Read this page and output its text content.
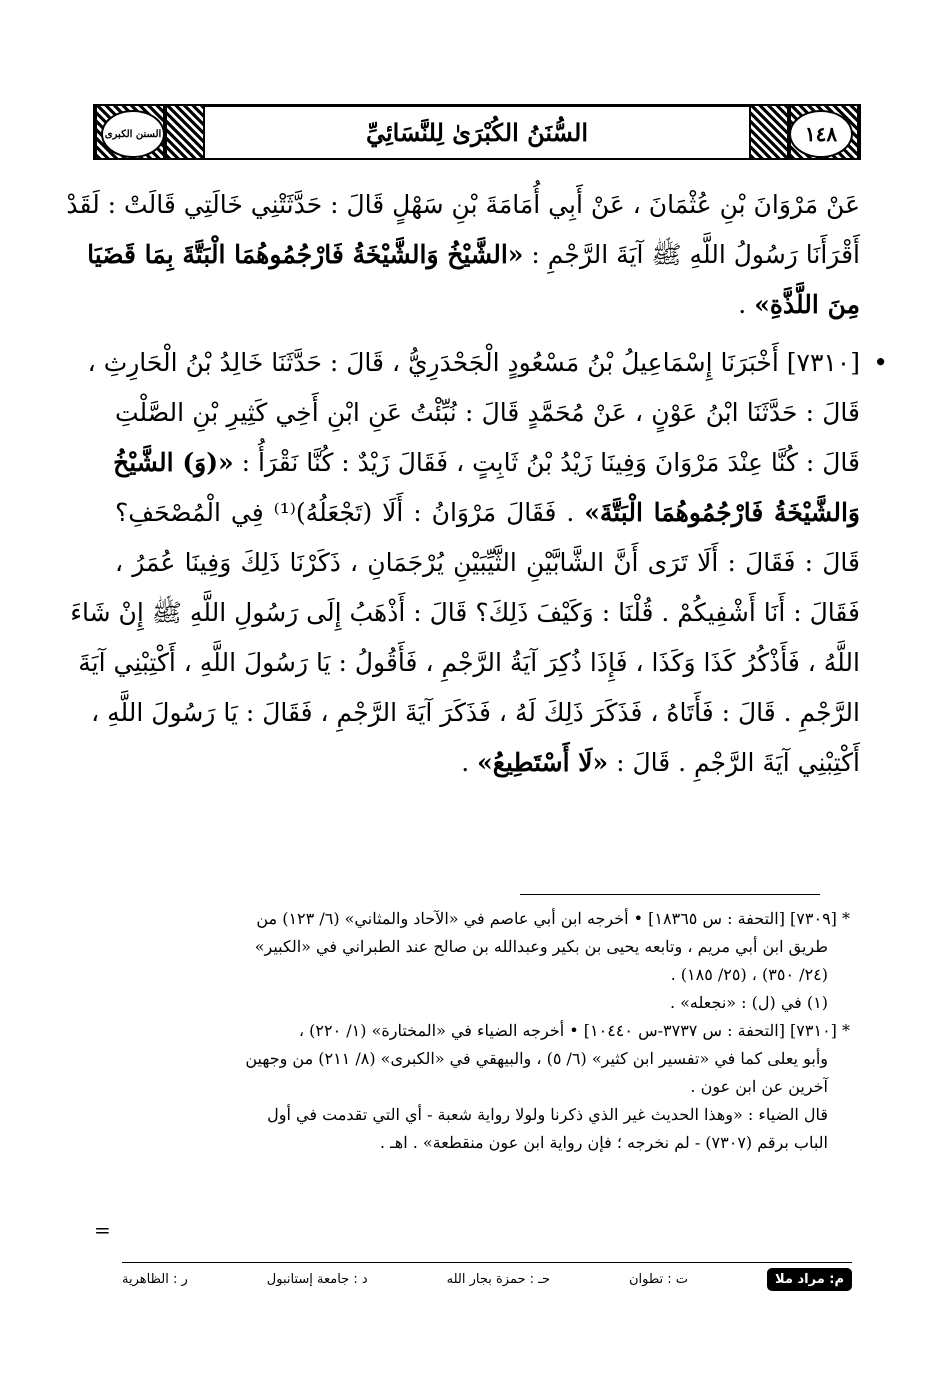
السنن الكبرى	السُّنَنُ الكُبْرَىٰ لِلنَّسَائِيِّ	١٤٨
عَنْ مَرْوَانَ بْنِ عُثْمَانَ ، عَنْ أَبِي أُمَامَةَ بْنِ سَهْلٍ قَالَ : حَدَّثَتْنِي خَالَتِي قَالَتْ : لَقَدْ
أَقْرَأَنَا رَسُولُ اللَّهِ ﷺ آيَةَ الرَّجْمِ : «الشَّيْخُ وَالشَّيْخَةُ فَارْجُمُوهُمَا الْبَتَّةَ بِمَا قَضَيَا
مِنَ اللَّذَّةِ» .
•
[٧٣١٠] أَخْبَرَنَا إِسْمَاعِيلُ بْنُ مَسْعُودٍ الْجَحْدَرِيُّ ، قَالَ : حَدَّثَنَا خَالِدُ بْنُ الْحَارِثِ ،
قَالَ : حَدَّثَنَا ابْنُ عَوْنٍ ، عَنْ مُحَمَّدٍ قَالَ : نُبِّئْتُ عَنِ ابْنِ أَخِي كَثِيرِ بْنِ الصَّلْتِ
قَالَ : كُنَّا عِنْدَ مَرْوَانَ وَفِينَا زَيْدُ بْنُ ثَابِتٍ ، فَقَالَ زَيْدٌ : كُنَّا نَقْرَأُ : «(وَ) الشَّيْخُ
وَالشَّيْخَةُ فَارْجُمُوهُمَا الْبَتَّةَ» . فَقَالَ مَرْوَانُ : أَلَا (تَجْعَلُهُ)⁽¹⁾ فِي الْمُصْحَفِ؟
قَالَ : فَقَالَ : أَلَا تَرَى أَنَّ الشَّابَّيْنِ الثَّيِّبَيْنِ يُرْجَمَانِ ، ذَكَرْنَا ذَلِكَ وَفِينَا عُمَرُ ،
فَقَالَ : أَنَا أَشْفِيكُمْ . قُلْنَا : وَكَيْفَ ذَلِكَ؟ قَالَ : أَذْهَبُ إِلَى رَسُولِ اللَّهِ ﷺ إِنْ شَاءَ
اللَّهُ ، فَأَذْكُرُ كَذَا وَكَذَا ، فَإِذَا ذُكِرَ آيَةُ الرَّجْمِ ، فَأَقُولُ : يَا رَسُولَ اللَّهِ ، أَكْتِبْنِي آيَةَ
الرَّجْمِ . قَالَ : فَأَتَاهُ ، فَذَكَرَ ذَلِكَ لَهُ ، فَذَكَرَ آيَةَ الرَّجْمِ ، فَقَالَ : يَا رَسُولَ اللَّهِ ،
أَكْتِبْنِي آيَةَ الرَّجْمِ . قَالَ : «لَا أَسْتَطِيعُ» .
* [٧٣٠٩] [التحفة : س ١٨٣٦٥] • أخرجه ابن أبي عاصم في «الآحاد والمثاني» (٦/ ١٢٣) من
طريق ابن أبي مريم ، وتابعه يحيى بن بكير وعبدالله بن صالح عند الطبراني في «الكبير»
(٢٤/ ٣٥٠) ، (٢٥/ ١٨٥) .
(١) في (ل) : «نجعله» .
* [٧٣١٠] [التحفة : س ٣٧٣٧-س ١٠٤٤٠] • أخرجه الضياء في «المختارة» (١/ ٢٢٠) ،
وأبو يعلى كما في «تفسير ابن كثير» (٦/ ٥) ، والبيهقي في «الكبرى» (٨/ ٢١١) من وجهين
آخرين عن ابن عون .
قال الضياء : «وهذا الحديث غير الذي ذكرنا ولولا رواية شعبة - أي التي تقدمت في أول
الباب برقم (٧٣٠٧) - لم نخرجه ؛ فإن رواية ابن عون منقطعة» . اهـ .
=
م: مراد ملا
ت : تطوان
حـ : حمزة بجار الله
د : جامعة إستانبول
ر : الظاهرية
